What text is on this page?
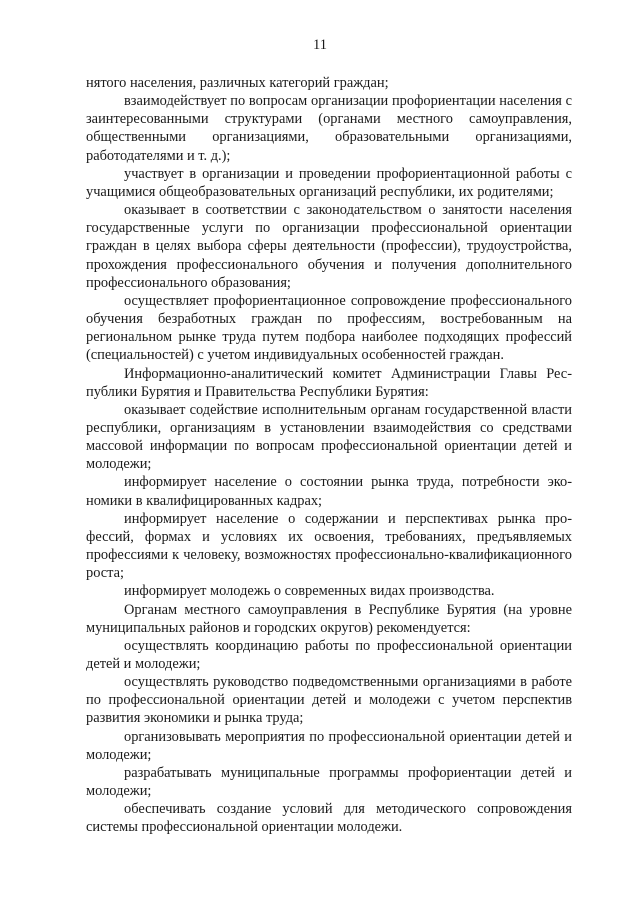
11

нятого населения, различных категорий граждан;

взаимодействует по вопросам организации профориентации населения с заинтересованными структурами (органами местного самоуправления, общественными организациями, образовательными организациями, работодателями и т. д.);

участвует в организации и проведении профориентационной работы с учащимися общеобразовательных организаций республики, их родителями;

оказывает в соответствии с законодательством о занятости населения государственные услуги по организации профессиональной ориентации граждан в целях выбора сферы деятельности (профессии), трудоустройства, прохождения профессионального обучения и получения дополнительного профессионального образования;

осуществляет профориентационное сопровождение профессионального обучения безработных граждан по профессиям, востребованным на региональном рынке труда путем подбора наиболее подходящих профессий (специальностей) с учетом индивидуальных особенностей граждан.

Информационно-аналитический комитет Администрации Главы Республики Бурятия и Правительства Республики Бурятия:

оказывает содействие исполнительным органам государственной власти республики, организациям в установлении взаимодействия со средствами массовой информации по вопросам профессиональной ориентации детей и молодежи;

информирует население о состоянии рынка труда, потребности экономики в квалифицированных кадрах;

информирует население о содержании и перспективах рынка профессий, формах и условиях их освоения, требованиях, предъявляемых профессиями к человеку, возможностях профессионально-квалификационного роста;

информирует молодежь о современных видах производства.

Органам местного самоуправления в Республике Бурятия (на уровне муниципальных районов и городских округов) рекомендуется:

осуществлять координацию работы по профессиональной ориентации детей и молодежи;

осуществлять руководство подведомственными организациями в работе по профессиональной ориентации детей и молодежи с учетом перспектив развития экономики и рынка труда;

организовывать мероприятия по профессиональной ориентации детей и молодежи;

разрабатывать муниципальные программы профориентации детей и молодежи;

обеспечивать создание условий для методического сопровождения системы профессиональной ориентации молодежи.
